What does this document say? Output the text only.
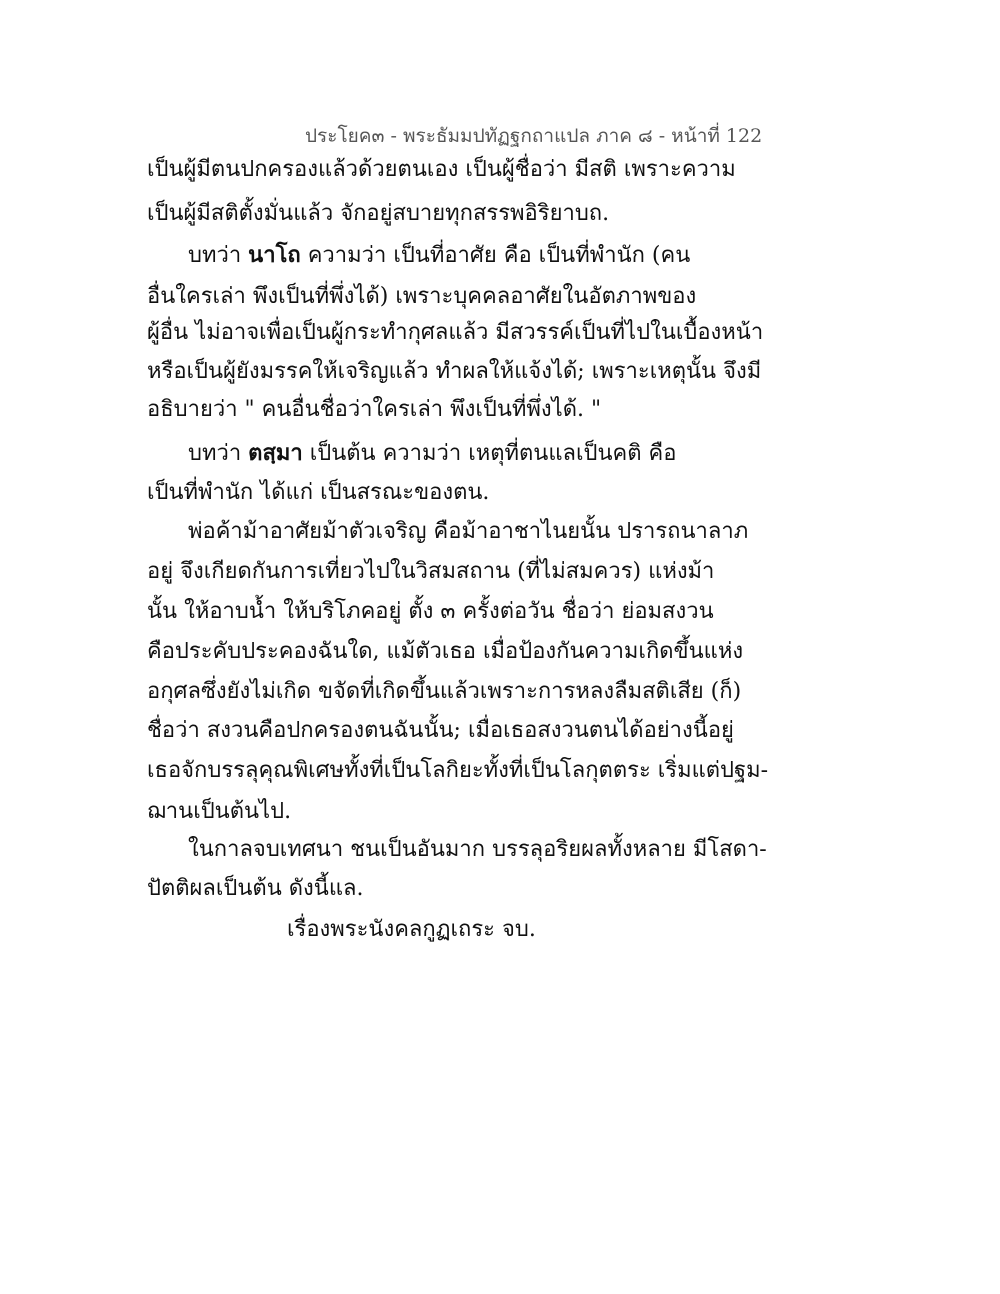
ประโยค๓ - พระธัมมปทัฏฐกถาแปล ภาค ๘ - หน้าที่ 122
เป็นผู้มีตนปกครองแล้วด้วยตนเอง เป็นผู้ชื่อว่า มีสติ เพราะความ
เป็นผู้มีสติตั้งมั่นแล้ว จักอยู่สบายทุกสรรพอิริยาบถ.
บทว่า นาโถ ความว่า เป็นที่อาศัย คือ เป็นที่พำนัก (คน
อื่นใครเล่า พึงเป็นที่พึ่งได้) เพราะบุคคลอาศัยในอัตภาพของ
ผู้อื่น ไม่อาจเพื่อเป็นผู้กระทำกุศลแล้ว มีสวรรค์เป็นที่ไปในเบื้องหน้า
หรือเป็นผู้ยังมรรคให้เจริญแล้ว ทำผลให้แจ้งได้; เพราะเหตุนั้น จึงมี
อธิบายว่า " คนอื่นชื่อว่าใครเล่า พึงเป็นที่พึ่งได้. "
บทว่า ตสฺมา เป็นต้น ความว่า เหตุที่ตนแลเป็นคติ คือ
เป็นที่พำนัก ได้แก่ เป็นสรณะของตน.
พ่อค้าม้าอาศัยม้าตัวเจริญ คือม้าอาชาไนยนั้น ปรารถนาลาภ
อยู่ จึงเกียดกันการเที่ยวไปในวิสมสถาน (ที่ไม่สมควร) แห่งม้า
นั้น ให้อาบน้ำ ให้บริโภคอยู่ ตั้ง ๓ ครั้งต่อวัน ชื่อว่า ย่อมสงวน
คือประคับประคองฉันใด, แม้ตัวเธอ เมื่อป้องกันความเกิดขึ้นแห่ง
อกุศลซึ่งยังไม่เกิด ขจัดที่เกิดขึ้นแล้วเพราะการหลงลืมสติเสีย (ก็)
ชื่อว่า สงวนคือปกครองตนฉันนั้น; เมื่อเธอสงวนตนได้อย่างนี้อยู่
เธอจักบรรลุคุณพิเศษทั้งที่เป็นโลกิยะทั้งที่เป็นโลกุตตระ เริ่มแต่ปฐม-
ฌานเป็นต้นไป.
ในกาลจบเทศนา ชนเป็นอันมาก บรรลุอริยผลทั้งหลาย มีโสดา-
ปัตติผลเป็นต้น ดังนี้แล.
เรื่องพระนังคลกูฏเถระ จบ.
